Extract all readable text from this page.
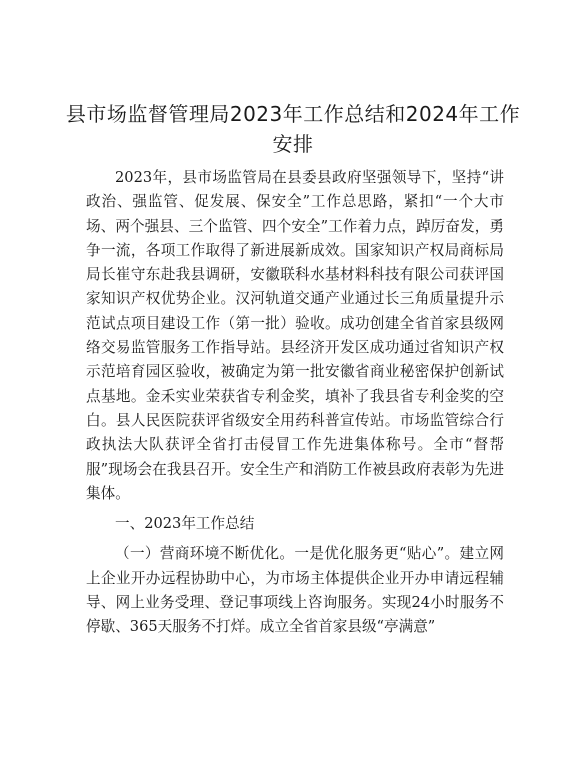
县市场监督管理局2023年工作总结和2024年工作安排

2023年，县市场监管局在县委县政府坚强领导下，坚持“讲政治、强监管、促发展、保安全”工作总思路，紧扣“一个大市场、两个强县、三个监管、四个安全”工作着力点，踔厉奋发，勇争一流，各项工作取得了新进展新成效。国家知识产权局商标局局长崔守东赴我县调研，安徽联科水基材料科技有限公司获评国家知识产权优势企业。汉河轨道交通产业通过长三角质量提升示范试点项目建设工作（第一批）验收。成功创建全省首家县级网络交易监管服务工作指导站。县经济开发区成功通过省知识产权示范培育园区验收，被确定为第一批安徽省商业秘密保护创新试点基地。金禾实业荣获省专利金奖，填补了我县省专利金奖的空白。县人民医院获评省级安全用药科普宣传站。市场监管综合行政执法大队获评全省打击侵冒工作先进集体称号。全市“督帮服”现场会在我县召开。安全生产和消防工作被县政府表彰为先进集体。

一、2023年工作总结

（一）营商环境不断优化。一是优化服务更“贴心”。建立网上企业开办远程协助中心，为市场主体提供企业开办申请远程辅导、网上业务受理、登记事项线上咨询服务。实现24小时服务不停歇、365天服务不打烊。成立全省首家县级“亭满意”
